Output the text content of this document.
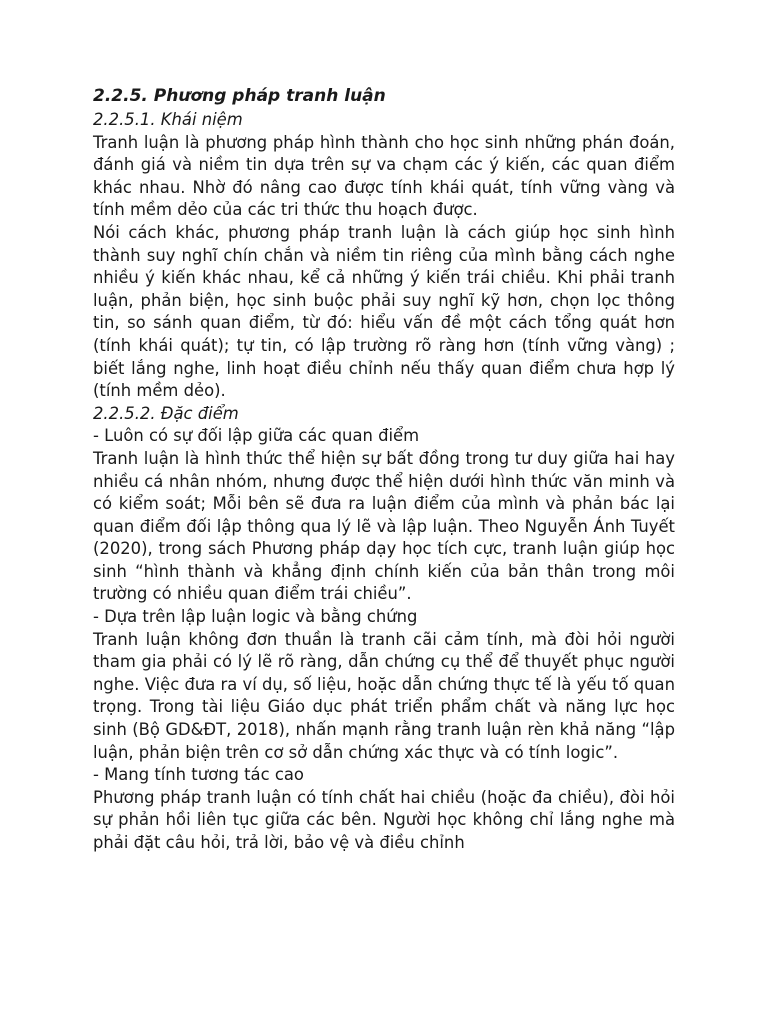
2.2.5. Phương pháp tranh luận

2.2.5.1. Khái niệm

Tranh luận là phương pháp hình thành cho học sinh những phán đoán, đánh giá và niềm tin dựa trên sự va chạm các ý kiến, các quan điểm khác nhau. Nhờ đó nâng cao được tính khái quát, tính vững vàng và tính mềm dẻo của các tri thức thu hoạch được.

Nói cách khác, phương pháp tranh luận là cách giúp học sinh hình thành suy nghĩ chín chắn và niềm tin riêng của mình bằng cách nghe nhiều ý kiến khác nhau, kể cả những ý kiến trái chiều. Khi phải tranh luận, phản biện, học sinh buộc phải suy nghĩ kỹ hơn, chọn lọc thông tin, so sánh quan điểm, từ đó: hiểu vấn đề một cách tổng quát hơn (tính khái quát); tự tin, có lập trường rõ ràng hơn (tính vững vàng) ; biết lắng nghe, linh hoạt điều chỉnh nếu thấy quan điểm chưa hợp lý (tính mềm dẻo).

2.2.5.2. Đặc điểm

- Luôn có sự đối lập giữa các quan điểm

Tranh luận là hình thức thể hiện sự bất đồng trong tư duy giữa hai hay nhiều cá nhân nhóm, nhưng được thể hiện dưới hình thức văn minh và có kiểm soát; Mỗi bên sẽ đưa ra luận điểm của mình và phản bác lại quan điểm đối lập thông qua lý lẽ và lập luận. Theo Nguyễn Ánh Tuyết (2020), trong sách Phương pháp dạy học tích cực, tranh luận giúp học sinh “hình thành và khẳng định chính kiến của bản thân trong môi trường có nhiều quan điểm trái chiều”.

- Dựa trên lập luận logic và bằng chứng

Tranh luận không đơn thuần là tranh cãi cảm tính, mà đòi hỏi người tham gia phải có lý lẽ rõ ràng, dẫn chứng cụ thể để thuyết phục người nghe. Việc đưa ra ví dụ, số liệu, hoặc dẫn chứng thực tế là yếu tố quan trọng. Trong tài liệu Giáo dục phát triển phẩm chất và năng lực học sinh (Bộ GD&ĐT, 2018), nhấn mạnh rằng tranh luận rèn khả năng “lập luận, phản biện trên cơ sở dẫn chứng xác thực và có tính logic”.

- Mang tính tương tác cao

Phương pháp tranh luận có tính chất hai chiều (hoặc đa chiều), đòi hỏi sự phản hồi liên tục giữa các bên. Người học không chỉ lắng nghe mà phải đặt câu hỏi, trả lời, bảo vệ và điều chỉnh
